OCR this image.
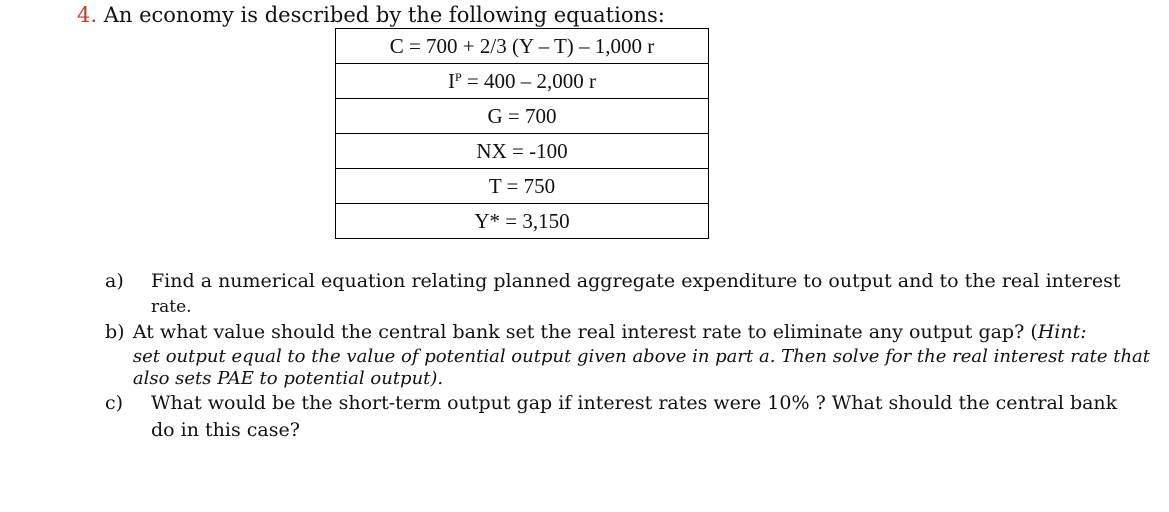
4. An economy is described by the following equations:
C = 700 + 2/3 (Y – T) – 1,000 r
$I^P = 400 - 2,000$ r
G = 700
NX = -100
T = 750
Y* = 3,150
a)	Find a numerical equation relating planned aggregate expenditure to output and to the real interest
rate.
b) At what value should the central bank set the real interest rate to eliminate any output gap? (Hint:
set output equal to the value of potential output given above in part a. Then solve for the real interest rate that
also sets PAE to potential output).
c)	What would be the short-term output gap if interest rates were 10% ? What should the central bank
do in this case?
